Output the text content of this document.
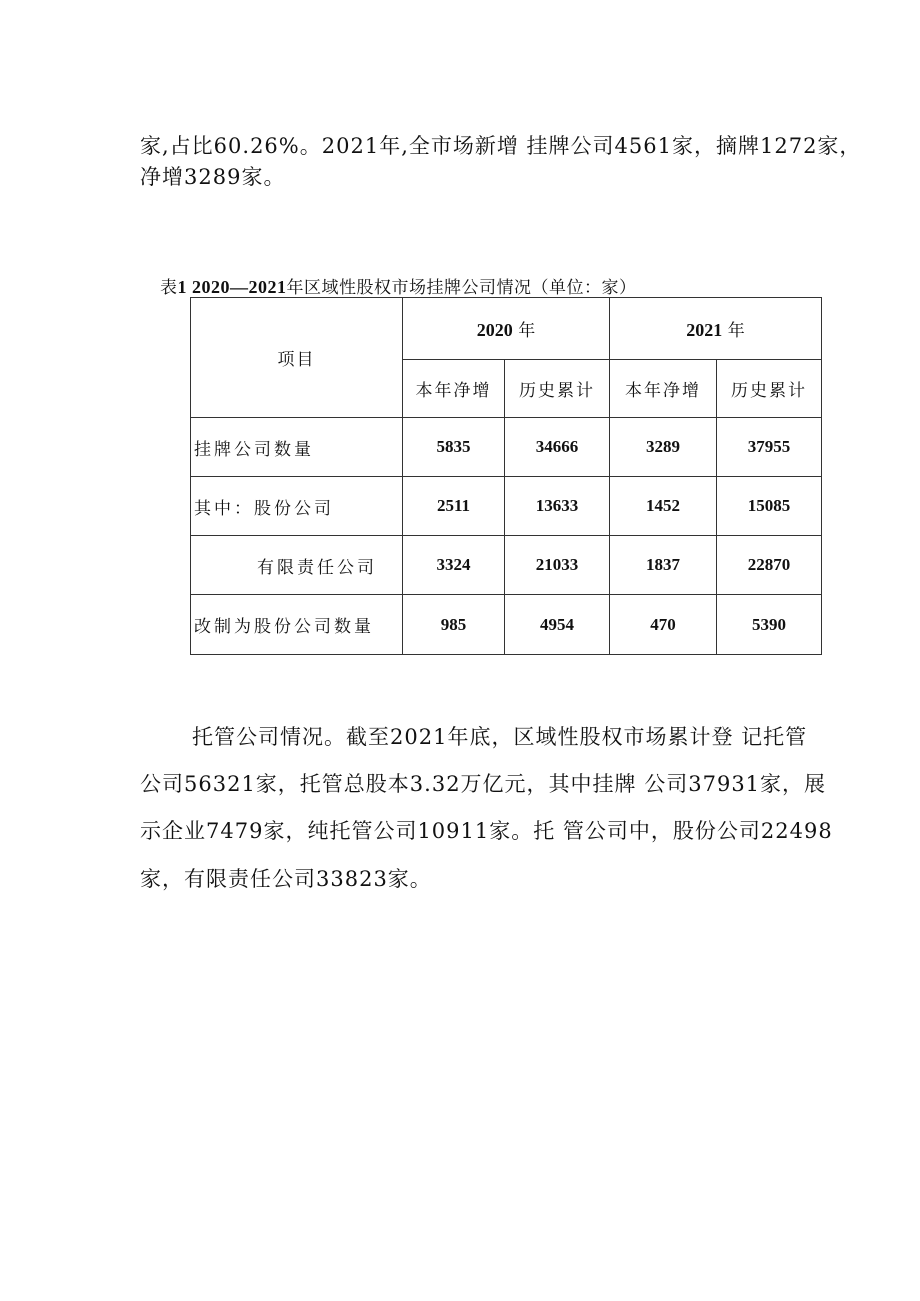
家,占比60.26%。2021年,全市场新增 挂牌公司4561家，摘牌1272家，
净增3289家。
表1 2020—2021年区域性股权市场挂牌公司情况（单位：家）
项目	2020 年		2021 年	
	本年净增	历史累计	本年净增	历史累计
挂牌公司数量	5835	34666	3289	37955
其中：股份公司	2511	13633	1452	15085
有限责任公司	3324	21033	1837	22870
改制为股份公司数量	985	4954	470	5390
托管公司情况。截至2021年底，区域性股权市场累计登 记托管
公司56321家，托管总股本3.32万亿元，其中挂牌 公司37931家，展
示企业7479家，纯托管公司10911家。托 管公司中，股份公司22498
家，有限责任公司33823家。
